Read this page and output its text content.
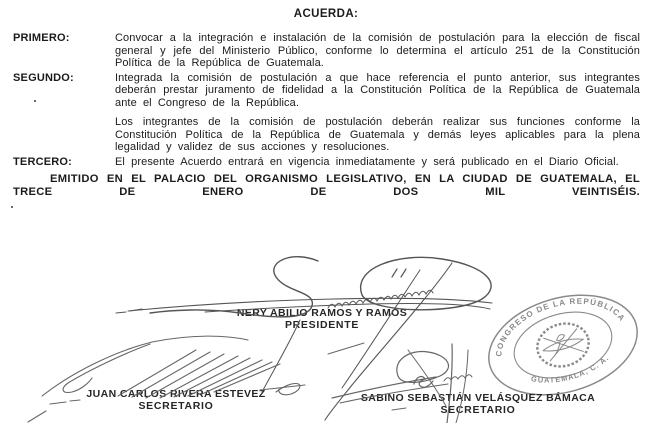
ACUERDA:
PRIMERO:	Convocar a la integración e instalación de la comisión de postulación para la elección de fiscal general y jefe del Ministerio Público, conforme lo determina el artículo 251 de la Constitución Política de la República de Guatemala.

SEGUNDO:	Integrada la comisión de postulación a que hace referencia el punto anterior, sus integrantes deberán prestar juramento de fidelidad a la Constitución Política de la República de Guatemala ante el Congreso de la República.

Los integrantes de la comisión de postulación deberán realizar sus funciones conforme la Constitución Política de la República de Guatemala y demás leyes aplicables para la plena legalidad y validez de sus acciones y resoluciones.

TERCERO:	El presente Acuerdo entrará en vigencia inmediatamente y será publicado en el Diario Oficial.

EMITIDO EN EL PALACIO DEL ORGANISMO LEGISLATIVO, EN LA CIUDAD DE GUATEMALA, EL TRECE DE ENERO DE DOS MIL VEINTISÉIS.

CONGRESO DE LA REPÚBLICA
GUATEMALA, C. A.
NERY ABILIO RAMOS Y RAMOS
PRESIDENTE
JUAN CARLOS RIVERA ESTEVEZ
SECRETARIO
SABINO SEBASTIÁN VELÁSQUEZ BÁMACA
SECRETARIO
